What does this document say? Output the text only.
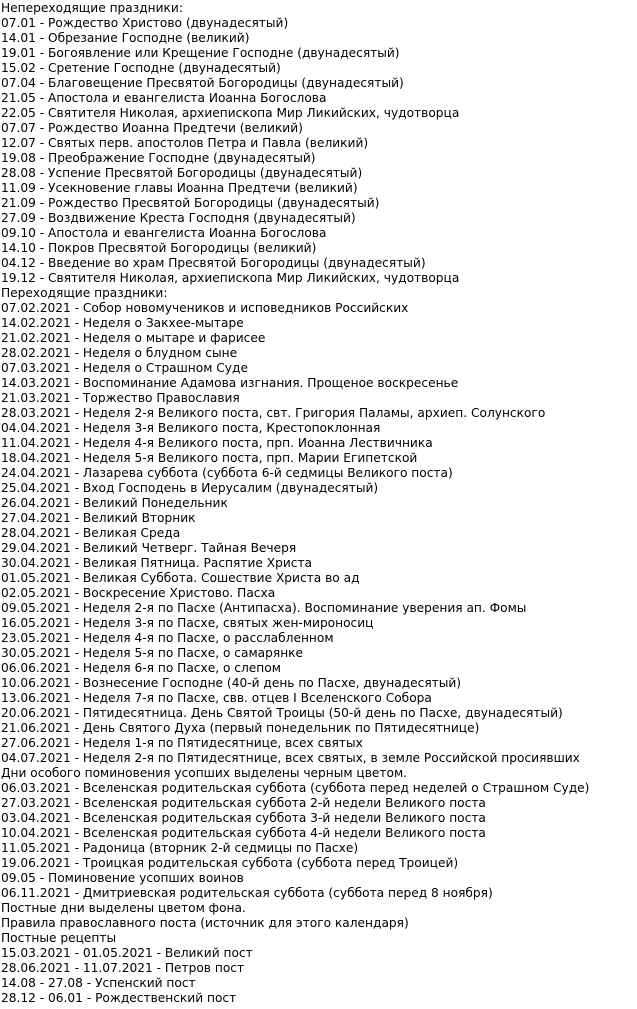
Непереходящие праздники:
07.01 - Рождество Христово (двунадесятый)
14.01 - Обрезание Господне (великий)
19.01 - Богоявление или Крещение Господне (двунадесятый)
15.02 - Сретение Господне (двунадесятый)
07.04 - Благовещение Пресвятой Богородицы (двунадесятый)
21.05 - Апостола и евангелиста Иоанна Богослова
22.05 - Святителя Николая, архиепископа Мир Ликийских, чудотворца
07.07 - Рождество Иоанна Предтечи (великий)
12.07 - Святых перв. апостолов Петра и Павла (великий)
19.08 - Преображение Господне (двунадесятый)
28.08 - Успение Пресвятой Богородицы (двунадесятый)
11.09 - Усекновение главы Иоанна Предтечи (великий)
21.09 - Рождество Пресвятой Богородицы (двунадесятый)
27.09 - Воздвижение Креста Господня (двунадесятый)
09.10 - Апостола и евангелиста Иоанна Богослова
14.10 - Покров Пресвятой Богородицы (великий)
04.12 - Введение во храм Пресвятой Богородицы (двунадесятый)
19.12 - Святителя Николая, архиепископа Мир Ликийских, чудотворца
Переходящие праздники:
07.02.2021 - Собор новомучеников и исповедников Российских
14.02.2021 - Неделя о Закхее-мытаре
21.02.2021 - Неделя о мытаре и фарисее
28.02.2021 - Неделя о блудном сыне
07.03.2021 - Неделя о Страшном Суде
14.03.2021 - Воспоминание Адамова изгнания. Прощеное воскресенье
21.03.2021 - Торжество Православия
28.03.2021 - Неделя 2-я Великого поста, свт. Григория Паламы, архиеп. Солунского
04.04.2021 - Неделя 3-я Великого поста, Крестопоклонная
11.04.2021 - Неделя 4-я Великого поста, прп. Иоанна Лествичника
18.04.2021 - Неделя 5-я Великого поста, прп. Марии Египетской
24.04.2021 - Лазарева суббота (суббота 6-й седмицы Великого поста)
25.04.2021 - Вход Господень в Иерусалим (двунадесятый)
26.04.2021 - Великий Понедельник
27.04.2021 - Великий Вторник
28.04.2021 - Великая Среда
29.04.2021 - Великий Четверг. Тайная Вечеря
30.04.2021 - Великая Пятница. Распятие Христа
01.05.2021 - Великая Суббота. Сошествие Христа во ад
02.05.2021 - Воскресение Христово. Пасха
09.05.2021 - Неделя 2-я по Пасхе (Антипасха). Воспоминание уверения ап. Фомы
16.05.2021 - Неделя 3-я по Пасхе, святых жен-мироносиц
23.05.2021 - Неделя 4-я по Пасхе, о расслабленном
30.05.2021 - Неделя 5-я по Пасхе, о самарянке
06.06.2021 - Неделя 6-я по Пасхе, о слепом
10.06.2021 - Вознесение Господне (40-й день по Пасхе, двунадесятый)
13.06.2021 - Неделя 7-я по Пасхе, свв. отцев I Вселенского Собора
20.06.2021 - Пятидесятница. День Святой Троицы (50-й день по Пасхе, двунадесятый)
21.06.2021 - День Святого Духа (первый понедельник по Пятидесятнице)
27.06.2021 - Неделя 1-я по Пятидесятнице, всех святых
04.07.2021 - Неделя 2-я по Пятидесятнице, всех святых, в земле Российской просиявших
Дни особого поминовения усопших выделены черным цветом.
06.03.2021 - Вселенская родительская суббота (суббота перед неделей о Страшном Суде)
27.03.2021 - Вселенская родительская суббота 2-й недели Великого поста
03.04.2021 - Вселенская родительская суббота 3-й недели Великого поста
10.04.2021 - Вселенская родительская суббота 4-й недели Великого поста
11.05.2021 - Радоница (вторник 2-й седмицы по Пасхе)
19.06.2021 - Троицкая родительская суббота (суббота перед Троицей)
09.05 - Поминовение усопших воинов
06.11.2021 - Дмитриевская родительская суббота (суббота перед 8 ноября)
Постные дни выделены цветом фона.
Правила православного поста (источник для этого календаря)
Постные рецепты
15.03.2021 - 01.05.2021 - Великий пост
28.06.2021 - 11.07.2021 - Петров пост
14.08 - 27.08 - Успенский пост
28.12 - 06.01 - Рождественский пост
